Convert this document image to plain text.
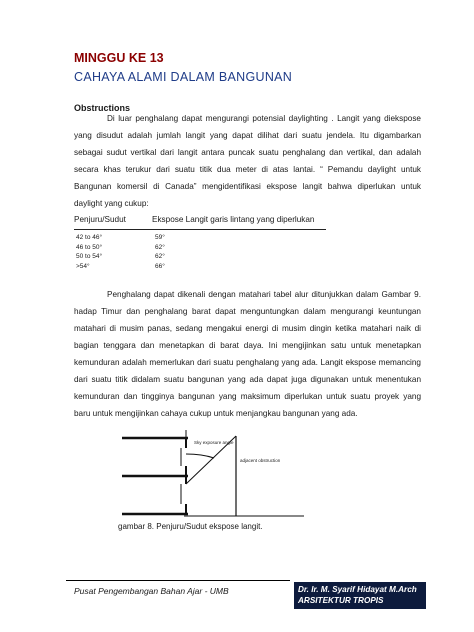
MINGGU KE 13
CAHAYA ALAMI DALAM BANGUNAN
Obstructions

Di luar penghalang dapat mengurangi potensial daylighting . Langit yang diekspose yang disudut adalah jumlah langit yang dapat dilihat dari suatu jendela. Itu digambarkan sebagai sudut vertikal dari langit antara puncak suatu penghalang dan vertikal, dan adalah secara khas terukur dari suatu titik dua meter di atas lantai. “ Pemandu daylight untuk Bangunan komersil di Canada” mengidentifikasi ekspose langit bahwa diperlukan untuk daylight yang cukup:

Penjuru/Sudut	Ekspose Langit garis lintang yang diperlukan
42 to 46°
46 to 50°
50 to 54°
>54°
59°
62°
62°
66°

Penghalang dapat dikenali dengan matahari tabel alur ditunjukkan dalam Gambar 9. hadap Timur dan penghalang barat dapat menguntungkan dalam mengurangi keuntungan matahari di musim panas, sedang mengakui energi di musim dingin ketika matahari naik di bagian tenggara dan menetapkan di barat daya. Ini mengijinkan satu untuk menetapkan kemunduran adalah memerlukan dari suatu penghalang yang ada. Langit ekspose memancing dari suatu titik didalam suatu bangunan yang ada dapat juga digunakan untuk menentukan kemunduran dan tingginya bangunan yang maksimum diperlukan untuk suatu proyek yang baru untuk mengijinkan cahaya cukup untuk menjangkau bangunan yang ada.

Sky exposure angle
adjacent obstruction
gambar 8. Penjuru/Sudut ekspose langit.
Pusat Pengembangan Bahan Ajar - UMB	Dr. Ir. M. Syarif Hidayat M.Arch
ARSITEKTUR TROPIS
